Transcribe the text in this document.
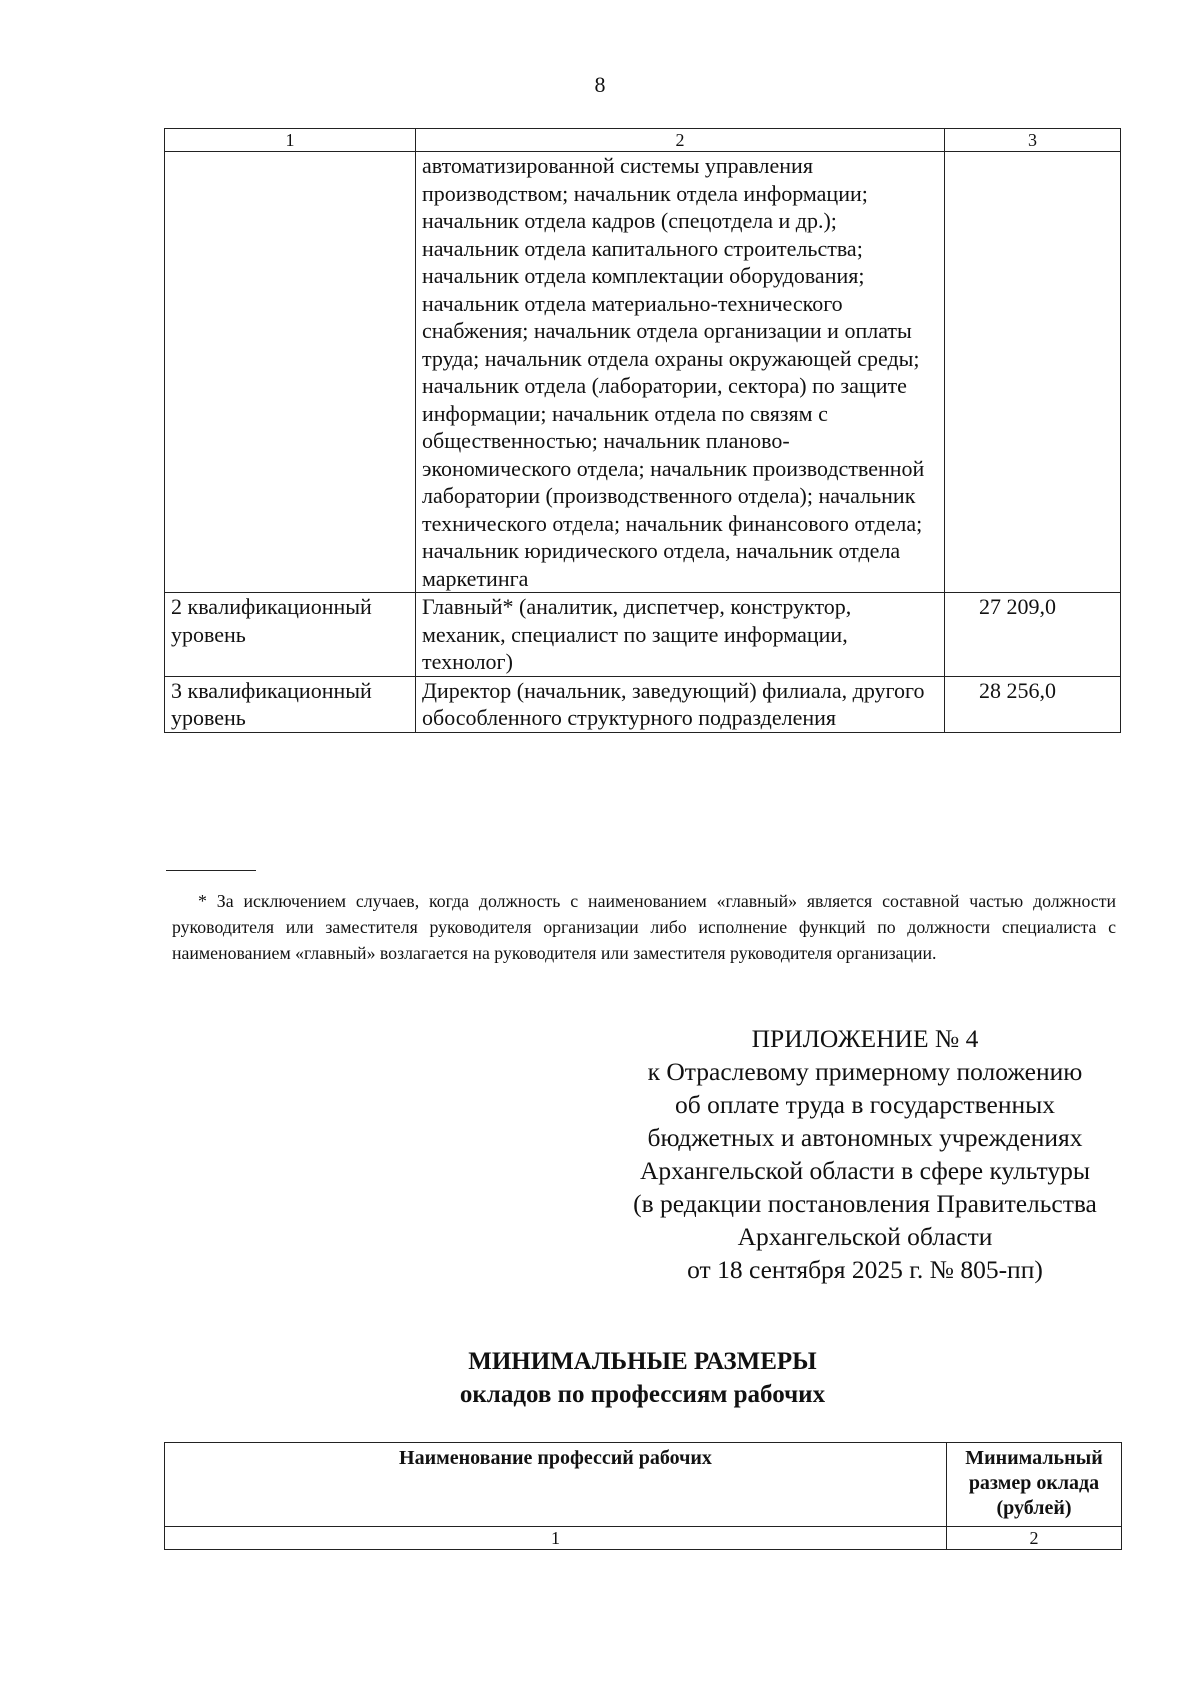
8
1	2	3
	автоматизированной системы управления производством; начальник отдела информации; начальник отдела кадров (спецотдела и др.); начальник отдела капитального строительства; начальник отдела комплектации оборудования; начальник отдела материально-технического снабжения; начальник отдела организации и оплаты труда; начальник отдела охраны окружающей среды; начальник отдела (лаборатории, сектора) по защите информации; начальник отдела по связям с общественностью; начальник планово-экономического отдела; начальник производственной лаборатории (производственного отдела); начальник технического отдела; начальник финансового отдела; начальник юридического отдела, начальник отдела маркетинга	
2 квалификационный уровень	Главный* (аналитик, диспетчер, конструктор, механик, специалист по защите информации, технолог)	27 209,0
3 квалификационный уровень	Директор (начальник, заведующий) филиала, другого обособленного структурного подразделения	28 256,0
* За исключением случаев, когда должность с наименованием «главный» является составной частью должности руководителя или заместителя руководителя организации либо исполнение функций по должности специалиста с наименованием «главный» возлагается на руководителя или заместителя руководителя организации.
ПРИЛОЖЕНИЕ № 4
к Отраслевому примерному положению
об оплате труда в государственных
бюджетных и автономных учреждениях
Архангельской области в сфере культуры
(в редакции постановления Правительства
Архангельской области
от 18 сентября 2025 г. № 805-пп)
МИНИМАЛЬНЫЕ РАЗМЕРЫ
окладов по профессиям рабочих
Наименование профессий рабочих	Минимальный
размер оклада
(рублей)

1	2
